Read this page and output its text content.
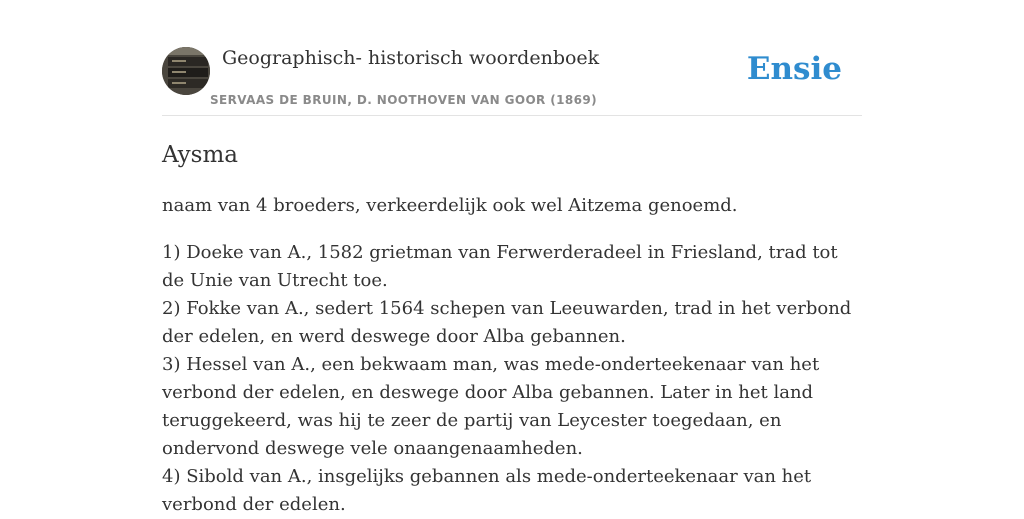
Geographisch- historisch woordenboek
SERVAAS DE BRUIN, D. NOOTHOVEN VAN GOOR (1869)
Ensie
Aysma

naam van 4 broeders, verkeerdelijk ook wel Aitzema genoemd.

1) Doeke van A., 1582 grietman van Ferwerderadeel in Friesland, trad tot de Unie van Utrecht toe.
2) Fokke van A., sedert 1564 schepen van Leeuwarden, trad in het verbond der edelen, en werd deswege door Alba gebannen.
3) Hessel van A., een bekwaam man, was mede-onderteekenaar van het verbond der edelen, en deswege door Alba gebannen. Later in het land teruggekeerd, was hij te zeer de partij van Leycester toegedaan, en ondervond deswege vele onaangenaamheden.
4) Sibold van A., insgelijks gebannen als mede-onderteekenaar van het verbond der edelen.
